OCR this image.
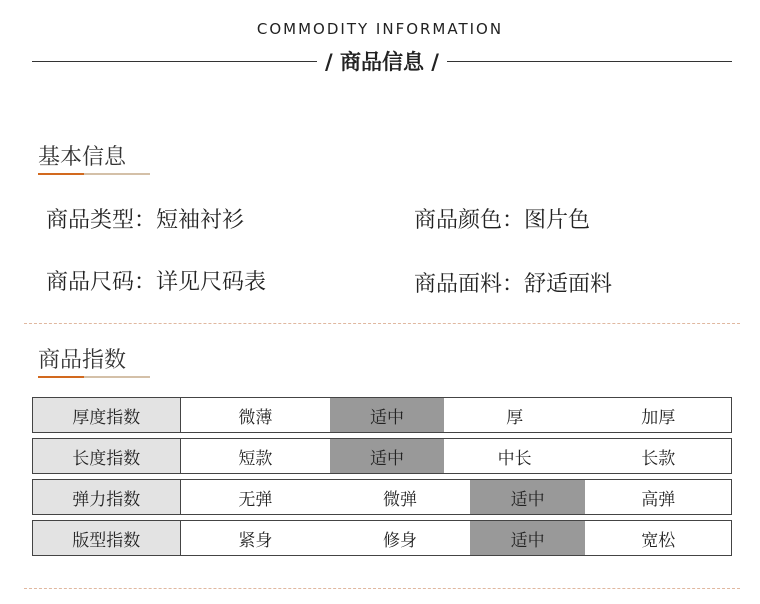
COMMODITY INFORMATION
/ 商品信息 /
基本信息
商品类型：短袖衬衫	商品颜色：图片色
商品尺码：详见尺码表	商品面料：舒适面料
商品指数
厚度指数	微薄	适中	厚	加厚
长度指数	短款	适中	中长	长款
弹力指数	无弹	微弹	适中	高弹
版型指数	紧身	修身	适中	宽松
